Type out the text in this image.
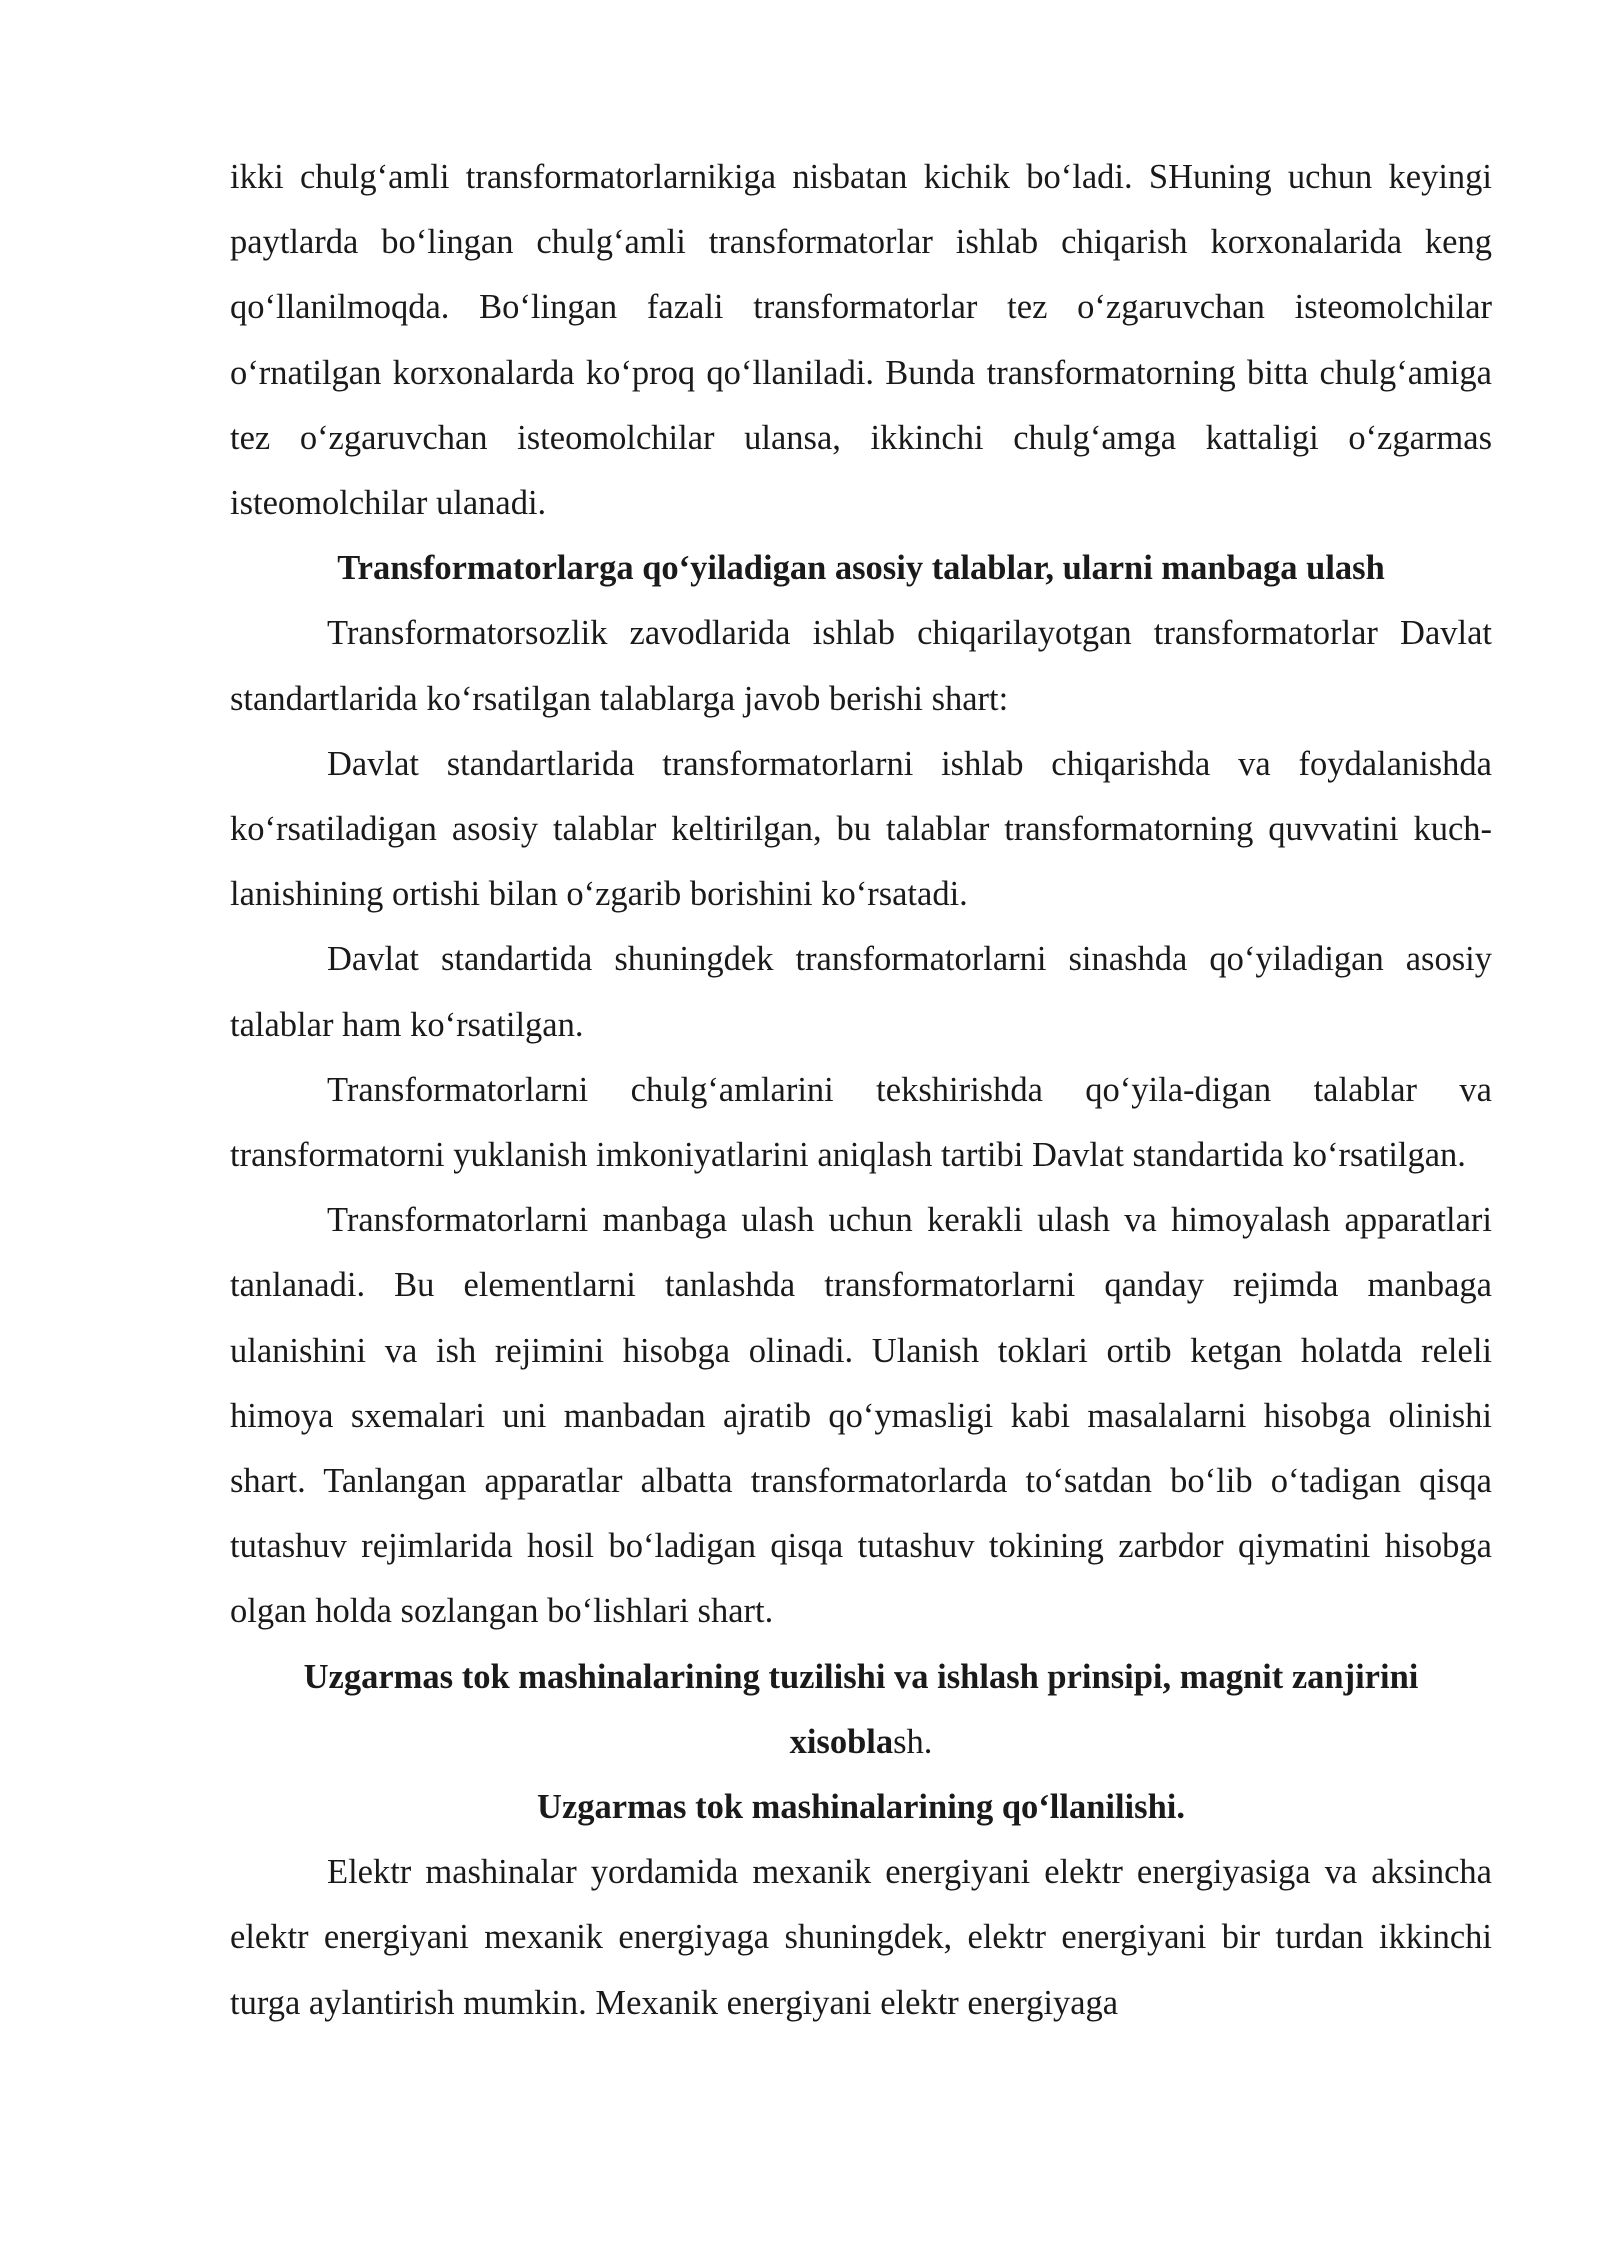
ikki chulg‘amli transformatorlarnikiga nisbatan kichik bo‘ladi. SHuning uchun keyingi paytlarda bo‘lingan chulg‘amli transformatorlar ishlab chiqarish korxonalarida keng qo‘llanilmoqda. Bo‘lingan fazali transformatorlar tez o‘zgaruvchan isteomolchilar o‘rnatilgan korxonalarda ko‘proq qo‘llaniladi. Bunda transformatorning bitta chulg‘amiga tez o‘zgaruvchan isteomolchilar ulansa, ikkinchi chulg‘amga kattaligi o‘zgarmas isteomolchilar ulanadi.

Transformatorlarga qo‘yiladigan asosiy talablar, ularni manbaga ulash

Transformatorsozlik zavodlarida ishlab chiqarilayotgan transformatorlar Davlat standartlarida ko‘rsatilgan talablarga javob berishi shart:

Davlat standartlarida transformatorlarni ishlab chiqarishda va foydalanishda ko‘rsatiladigan asosiy talablar keltirilgan, bu talablar transformatorning quvvatini kuch-lanishining ortishi bilan o‘zgarib borishini ko‘rsatadi.

Davlat standartida shuningdek transformatorlarni sinashda qo‘yiladigan asosiy talablar ham ko‘rsatilgan.

Transformatorlarni chulg‘amlarini tekshirishda qo‘yila-digan talablar va transformatorni yuklanish imkoniyatlarini aniqlash tartibi Davlat standartida ko‘rsatilgan.

Transformatorlarni manbaga ulash uchun kerakli ulash va himoyalash apparatlari tanlanadi. Bu elementlarni tanlashda transformatorlarni qanday rejimda manbaga ulanishini va ish rejimini hisobga olinadi. Ulanish toklari ortib ketgan holatda releli himoya sxemalari uni manbadan ajratib qo‘ymasligi kabi masalalarni hisobga olinishi shart. Tanlangan apparatlar albatta transformatorlarda to‘satdan bo‘lib o‘tadigan qisqa tutashuv rejimlarida hosil bo‘ladigan qisqa tutashuv tokining zarbdor qiymatini hisobga olgan holda sozlangan bo‘lishlari shart.

Uzgarmas tok mashinalarining tuzilishi va ishlash prinsipi, magnit zanjirini xisoblash.

Uzgarmas tok mashinalarining qo‘llanilishi.

Elektr mashinalar yordamida mexanik energiyani elektr energiyasiga va aksincha elektr energiyani mexanik energiyaga shuningdek, elektr energiyani bir turdan ikkinchi turga aylantirish mumkin. Mexanik energiyani elektr energiyaga
